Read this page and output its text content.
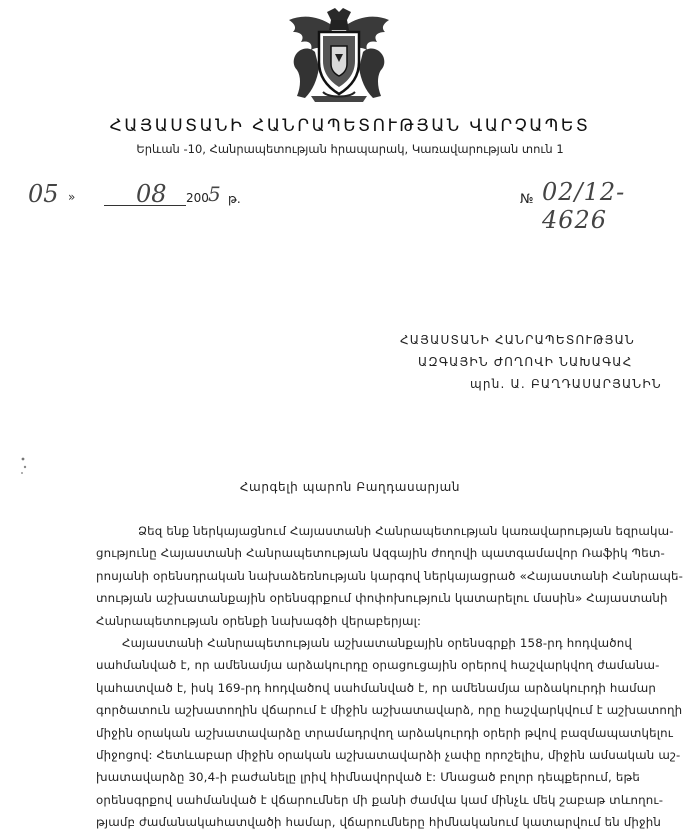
ՀԱՅԱՍՏԱՆԻ ՀԱՆՐԱՊԵՏՈՒԹՅԱՆ ՎԱՐՉԱՊԵՏ
Երևան -10, Հանրապետության հրապարակ, Կառավարության տուն 1
05 »	08 200 5 թ.	№ 02/12-4626
ՀԱՅԱՍՏԱՆԻ ՀԱՆՐԱՊԵՏՈՒԹՅԱՆ
ԱԶԳԱՅԻՆ ԺՈՂՈՎԻ ՆԱԽԱԳԱՀ
պրն. Ա. ԲԱՂԴԱՍԱՐՅԱՆԻՆ
Հարգելի պարոն Բաղդասարյան
Ձեզ ենք ներկայացնում Հայաստանի Հանրապետության կառավարության եզրակա-
ցությունը Հայաստանի Հանրապետության Ազգային ժողովի պատգամավոր Ռաֆիկ Պետ-
րոսյանի օրենսդրական նախաձեռնության կարգով ներկայացրած «Հայաստանի Հանրապե-
տության աշխատանքային օրենսգրքում փոփոխություն կատարելու մասին» Հայաստանի
Հանրապետության օրենքի նախագծի վերաբերյալ:
Հայաստանի Հանրապետության աշխատանքային օրենսգրքի 158-րդ հոդվածով
սահմանված է, որ ամենամյա արձակուրդը օրացուցային օրերով հաշվարկվող ժամանա-
կահատված է, իսկ 169-րդ հոդվածով սահմանված է, որ ամենամյա արձակուրդի համար
գործատուն աշխատողին վճարում է միջին աշխատավարձ, որը հաշվարկվում է աշխատողի
միջին օրական աշխատավարձը տրամադրվող արձակուրդի օրերի թվով բազմապատկելու
միջոցով: Հետևաբար միջին օրական աշխատավարձի չափը որոշելիս, միջին ամսական աշ-
խատավարձը 30,4-ի բաժանելը լրիվ հիմնավորված է: Մնացած բոլոր դեպքերում, եթե
օրենսգրքով սահմանված է վճարումներ մի քանի ժամվա կամ մինչև մեկ շաբաթ տևողու-
թյամբ ժամանակահատվածի համար, վճարումները հիմնականում կատարվում են միջին
